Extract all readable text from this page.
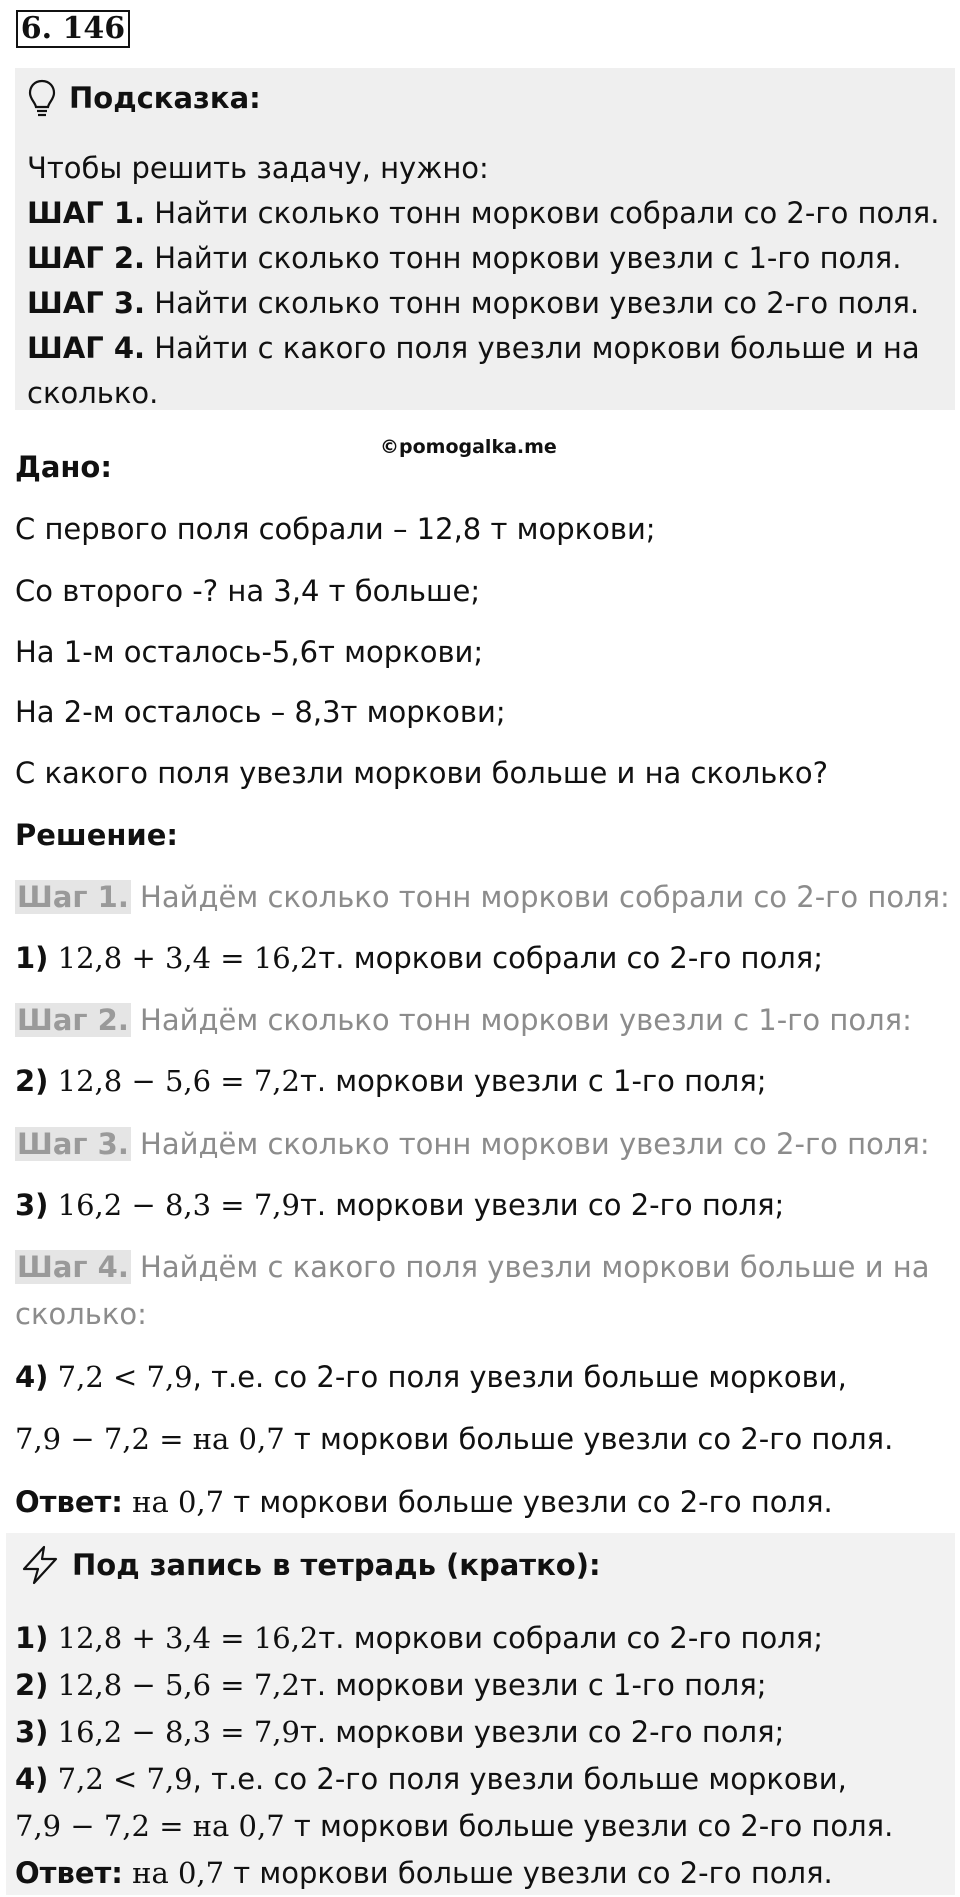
6. 146
Подсказка:
Чтобы решить задачу, нужно:
ШАГ 1. Найти сколько тонн моркови собрали со 2-го поля.
ШАГ 2. Найти сколько тонн моркови увезли с 1-го поля.
ШАГ 3. Найти сколько тонн моркови увезли со 2-го поля.
ШАГ 4. Найти с какого поля увезли моркови больше и на сколько.
©pomogalka.me
Дано:
С первого поля собрали – 12,8 т моркови;
Со второго -? на 3,4 т больше;
На 1-м осталось-5,6т моркови;
На 2-м осталось – 8,3т моркови;
С какого поля увезли моркови больше и на сколько?
Решение:
Шаг 1. Найдём сколько тонн моркови собрали со 2-го поля:
1) 12,8 + 3,4 = 16,2т. моркови собрали со 2-го поля;
Шаг 2. Найдём сколько тонн моркови увезли с 1-го поля:
2) 12,8 − 5,6 = 7,2т. моркови увезли с 1-го поля;
Шаг 3. Найдём сколько тонн моркови увезли со 2-го поля:
3) 16,2 − 8,3 = 7,9т. моркови увезли со 2-го поля;
Шаг 4. Найдём с какого поля увезли моркови больше и на
сколько:
4) 7,2 < 7,9, т.е. со 2-го поля увезли больше моркови,
7,9 − 7,2 = на 0,7 т моркови больше увезли со 2-го поля.
Ответ: на 0,7 т моркови больше увезли со 2-го поля.
Под запись в тетрадь (кратко):
1) 12,8 + 3,4 = 16,2т. моркови собрали со 2-го поля;
2) 12,8 − 5,6 = 7,2т. моркови увезли с 1-го поля;
3) 16,2 − 8,3 = 7,9т. моркови увезли со 2-го поля;
4) 7,2 < 7,9, т.е. со 2-го поля увезли больше моркови,
7,9 − 7,2 = на 0,7 т моркови больше увезли со 2-го поля.
Ответ: на 0,7 т моркови больше увезли со 2-го поля.
